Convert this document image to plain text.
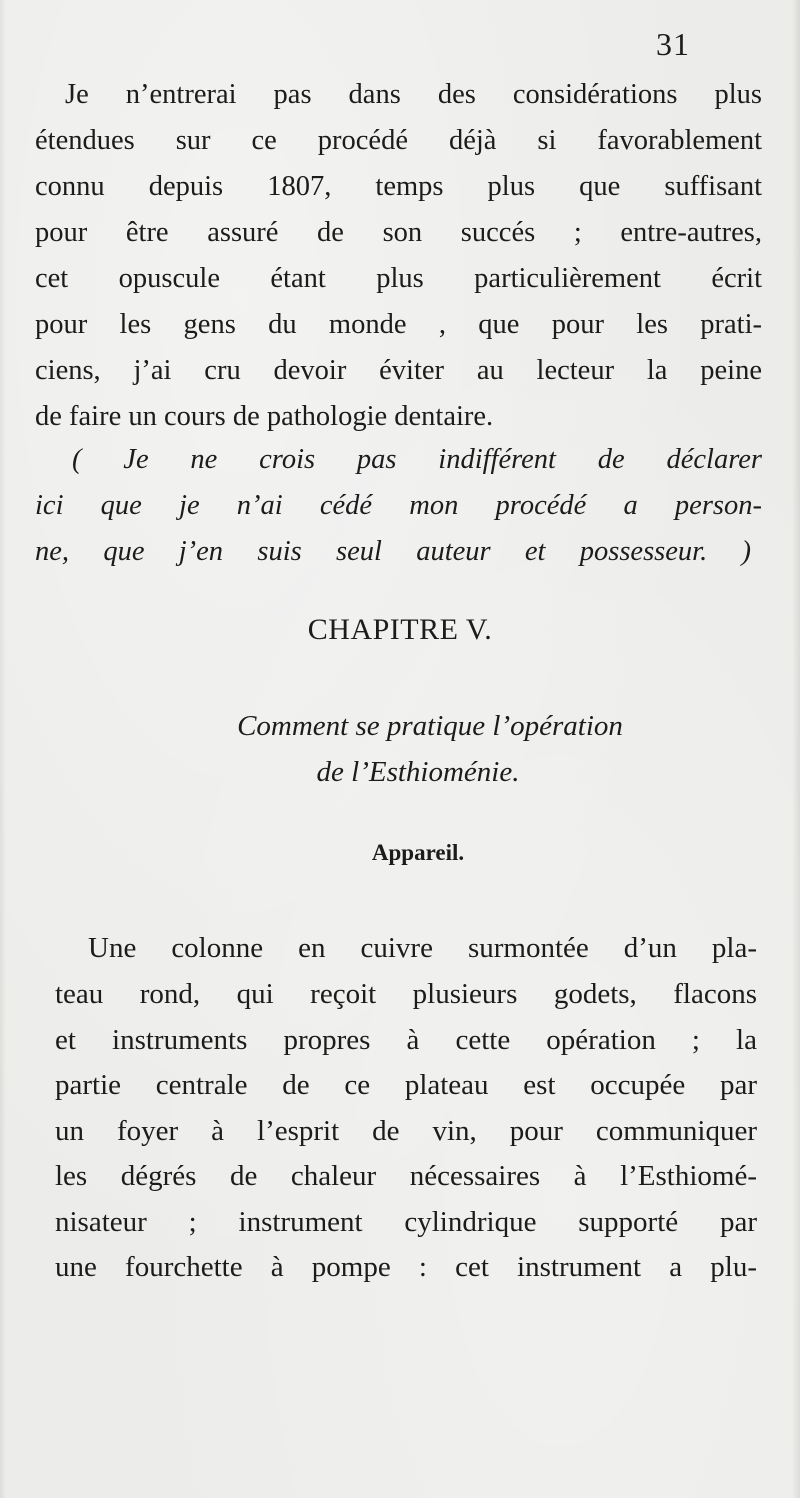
31
Je n’entrerai pas dans des considérations plus
étendues sur ce procédé déjà si favorablement
connu depuis 1807, temps plus que suffisant
pour être assuré de son succés ; entre-autres,
cet opuscule étant plus particulièrement écrit
pour les gens du monde , que pour les prati-
ciens, j’ai cru devoir éviter au lecteur la peine
de faire un cours de pathologie dentaire.
( Je ne crois pas indifférent de déclarer
ici que je n’ai cédé mon procédé a person-
ne, que j’en suis seul auteur et possesseur. )
CHAPITRE V.
Comment se pratique l’opération
de l’Esthioménie.
Appareil.
Une colonne en cuivre surmontée d’un pla-
teau rond, qui reçoit plusieurs godets, flacons
et instruments propres à cette opération ; la
partie centrale de ce plateau est occupée par
un foyer à l’esprit de vin, pour communiquer
les dégrés de chaleur nécessaires à l’Esthiomé-
nisateur ; instrument cylindrique supporté par
une fourchette à pompe : cet instrument a plu-
